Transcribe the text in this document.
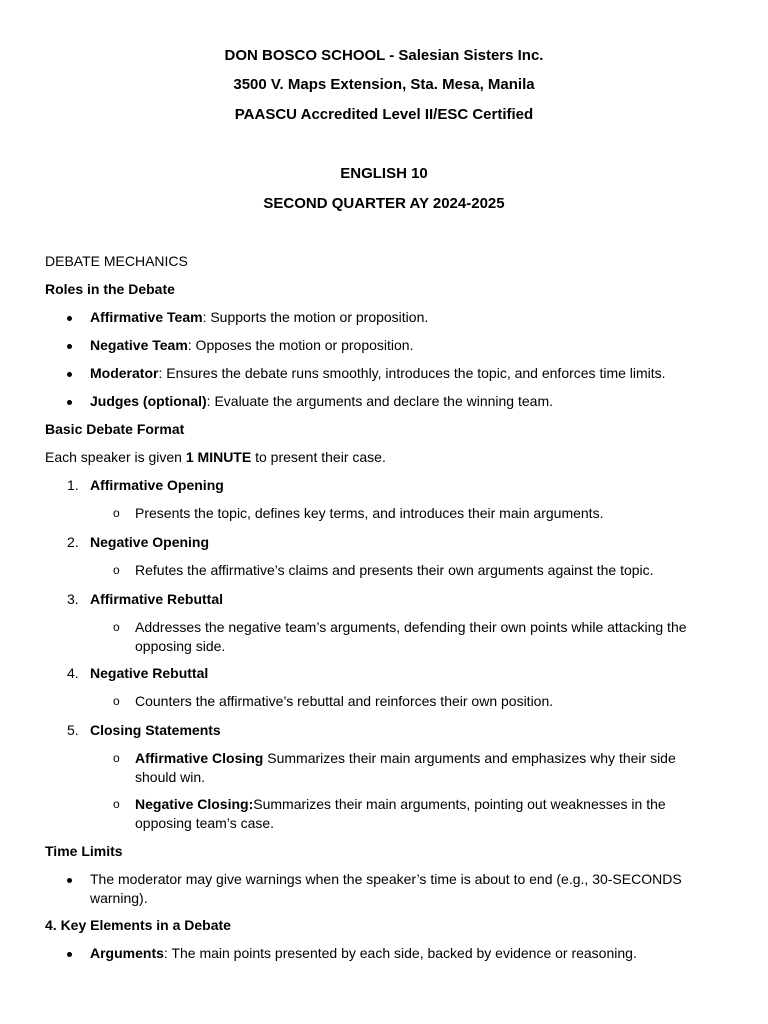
DON BOSCO SCHOOL - Salesian Sisters Inc.
3500 V. Maps Extension, Sta. Mesa, Manila
PAASCU Accredited Level II/ESC Certified
ENGLISH 10
SECOND QUARTER AY 2024-2025
DEBATE MECHANICS
Roles in the Debate
Affirmative Team: Supports the motion or proposition.
Negative Team: Opposes the motion or proposition.
Moderator: Ensures the debate runs smoothly, introduces the topic, and enforces time limits.
Judges (optional): Evaluate the arguments and declare the winning team.
Basic Debate Format
Each speaker is given 1 MINUTE to present their case.
1. Affirmative Opening
o Presents the topic, defines key terms, and introduces their main arguments.
2. Negative Opening
o Refutes the affirmative’s claims and presents their own arguments against the topic.
3. Affirmative Rebuttal
o Addresses the negative team’s arguments, defending their own points while attacking the opposing side.
4. Negative Rebuttal
o Counters the affirmative’s rebuttal and reinforces their own position.
5. Closing Statements
o Affirmative Closing Summarizes their main arguments and emphasizes why their side should win.
o Negative Closing:Summarizes their main arguments, pointing out weaknesses in the opposing team’s case.
Time Limits
The moderator may give warnings when the speaker’s time is about to end (e.g., 30-SECONDS warning).
4. Key Elements in a Debate
Arguments: The main points presented by each side, backed by evidence or reasoning.
